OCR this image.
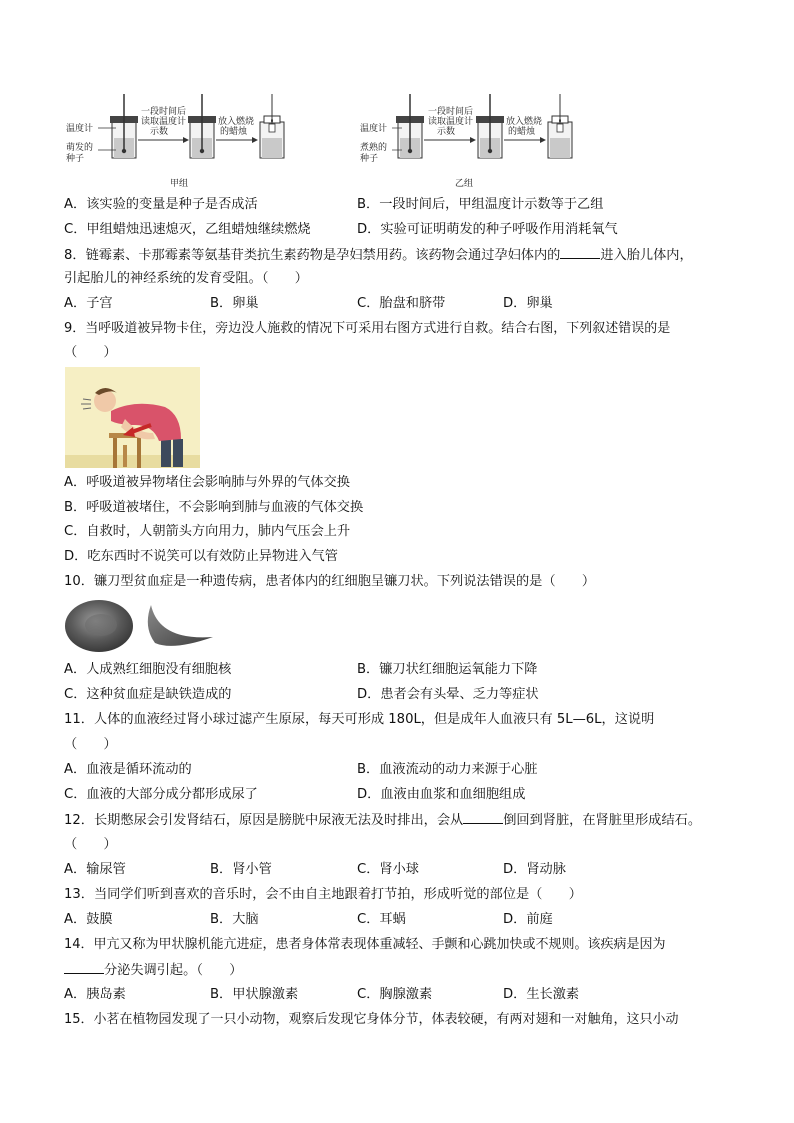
温度计
萌发的
种子
一段时间后
读取温度计
示数
放入燃烧
的蜡烛
甲组
温度计
煮熟的
种子
一段时间后
读取温度计
示数
放入燃烧
的蜡烛
乙组
A．该实验的变量是种子是否成活	B．一段时间后，甲组温度计示数等于乙组
C．甲组蜡烛迅速熄灭，乙组蜡烛继续燃烧	D．实验可证明萌发的种子呼吸作用消耗氧气
8．链霉素、卡那霉素等氨基苷类抗生素药物是孕妇禁用药。该药物会通过孕妇体内的	进入胎儿体内，
引起胎儿的神经系统的发育受阻。（　　）
A．子宫	B．卵巢	C．胎盘和脐带	D．卵巢
9．当呼吸道被异物卡住，旁边没人施救的情况下可采用右图方式进行自救。结合右图，下列叙述错误的是
（　　）
A．呼吸道被异物堵住会影响肺与外界的气体交换
B．呼吸道被堵住，不会影响到肺与血液的气体交换
C．自救时，人朝箭头方向用力，肺内气压会上升
D．吃东西时不说笑可以有效防止异物进入气管
10．镰刀型贫血症是一种遗传病，患者体内的红细胞呈镰刀状。下列说法错误的是（　　）
A．人成熟红细胞没有细胞核	B．镰刀状红细胞运氧能力下降
C．这种贫血症是缺铁造成的	D．患者会有头晕、乏力等症状
11．人体的血液经过肾小球过滤产生原尿，每天可形成 180L，但是成年人血液只有 5L—6L，这说明
（　　）
A．血液是循环流动的	B．血液流动的动力来源于心脏
C．血液的大部分成分都形成尿了	D．血液由血浆和血细胞组成
12．长期憋尿会引发肾结石，原因是膀胱中尿液无法及时排出，会从	倒回到肾脏，在肾脏里形成结石。
（　　）
A．输尿管	B．肾小管	C．肾小球	D．肾动脉
13．当同学们听到喜欢的音乐时，会不由自主地跟着打节拍，形成听觉的部位是（　　）
A．鼓膜	B．大脑	C．耳蜗	D．前庭
14．甲亢又称为甲状腺机能亢进症，患者身体常表现体重减轻、手颤和心跳加快或不规则。该疾病是因为
分泌失调引起。（　　）
A．胰岛素	B．甲状腺激素	C．胸腺激素	D．生长激素
15．小茗在植物园发现了一只小动物，观察后发现它身体分节，体表较硬，有两对翅和一对触角，这只小动
